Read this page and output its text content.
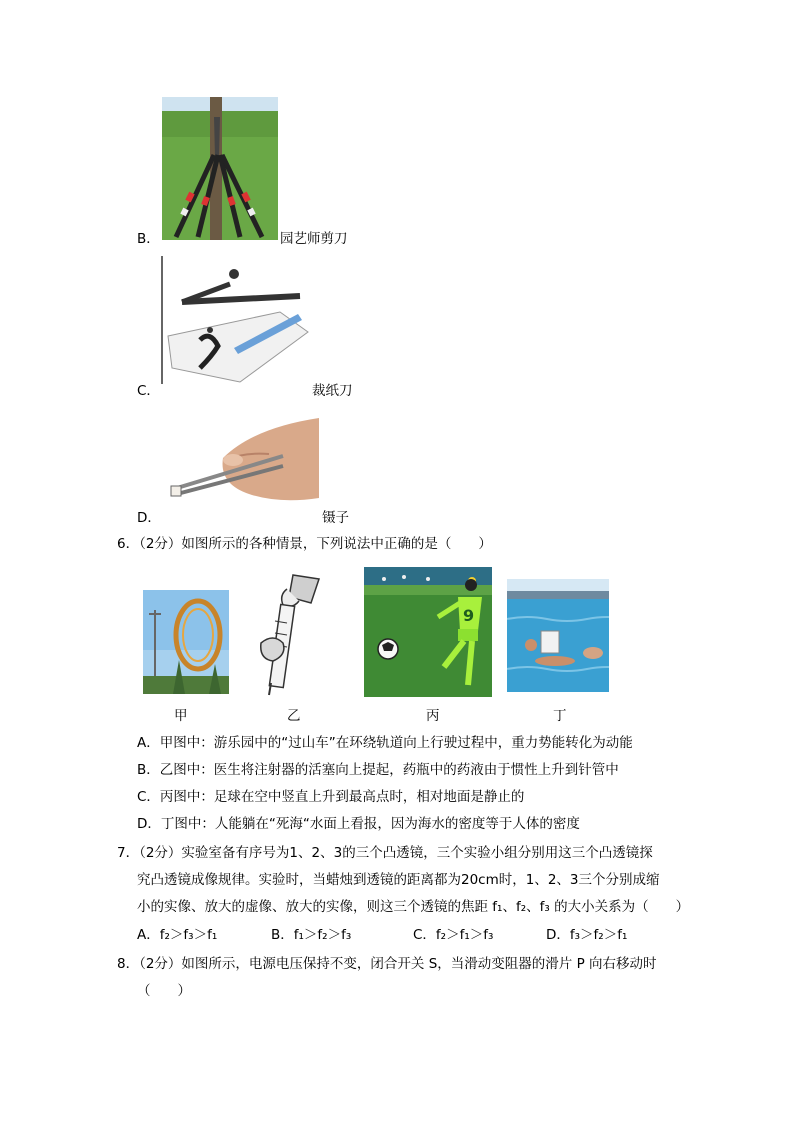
B．	园艺师剪刀
C．	裁纸刀
D．	镊子
6．（2分）如图所示的各种情景，下列说法中正确的是（　　）
9
甲	乙	丙	丁
A．甲图中：游乐园中的“过山车”在环绕轨道向上行驶过程中，重力势能转化为动能
B．乙图中：医生将注射器的活塞向上提起，药瓶中的药液由于惯性上升到针管中
C．丙图中：足球在空中竖直上升到最高点时，相对地面是静止的
D．丁图中：人能躺在“死海“水面上看报，因为海水的密度等于人体的密度
7．（2分）实验室备有序号为1、2、3的三个凸透镜，三个实验小组分别用这三个凸透镜探
究凸透镜成像规律。实验时，当蜡烛到透镜的距离都为20cm时，1、2、3三个分别成缩
小的实像、放大的虚像、放大的实像，则这三个透镜的焦距 f₁、f₂、f₃ 的大小关系为（　　）
A．f₂＞f₃＞f₁	B．f₁＞f₂＞f₃	C．f₂＞f₁＞f₃	D．f₃＞f₂＞f₁
8．（2分）如图所示，电源电压保持不变，闭合开关 S，当滑动变阻器的滑片 P 向右移动时
（　　）
